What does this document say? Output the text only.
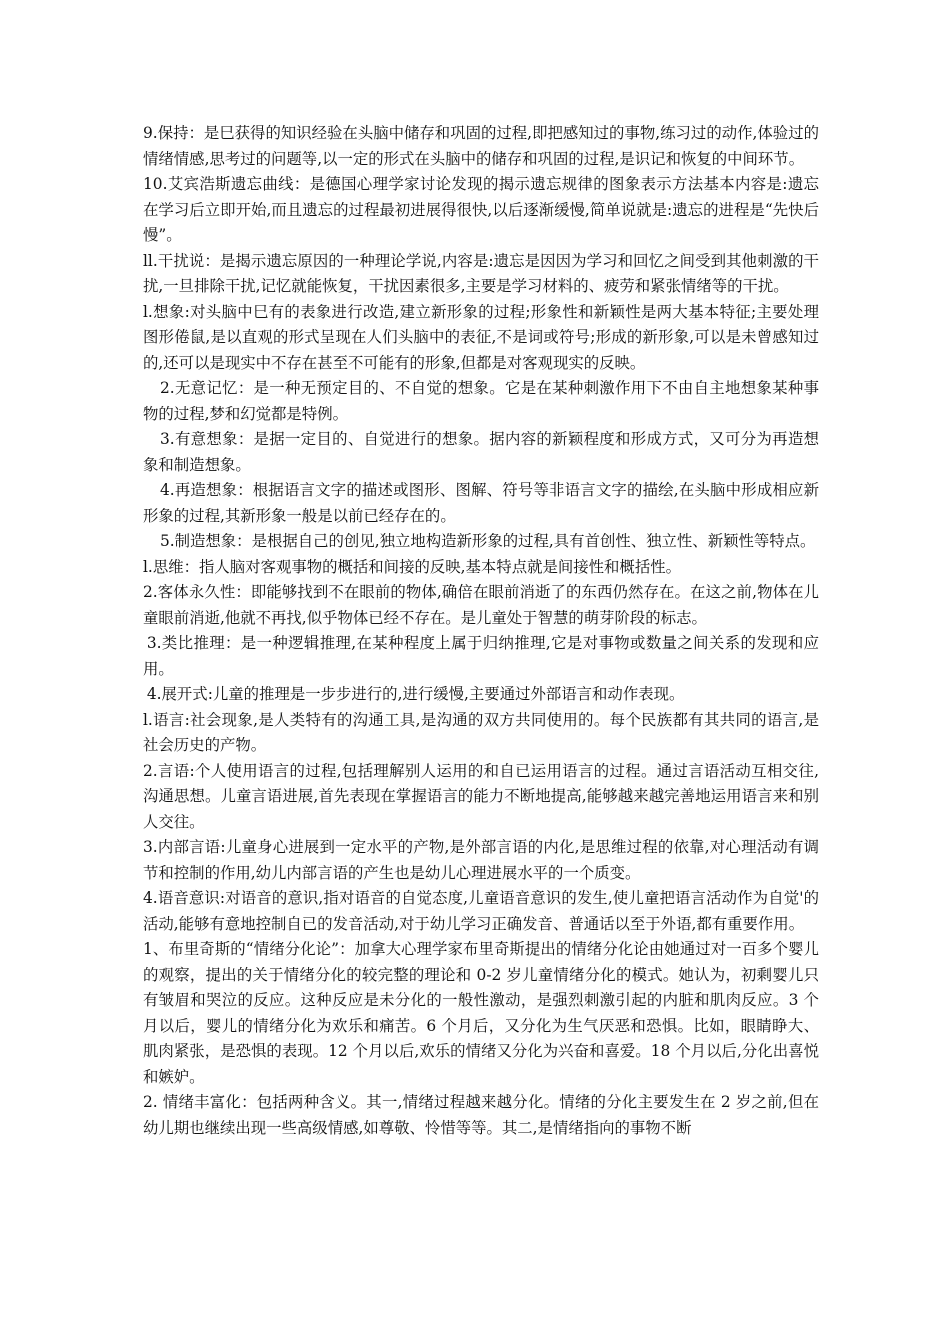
9.保持：是巳获得的知识经验在头脑中储存和巩固的过程,即把感知过的事物,练习过的动作,体验过的情绪情感,思考过的问题等,以一定的形式在头脑中的储存和巩固的过程,是识记和恢复的中间环节。

10.艾宾浩斯遗忘曲线：是德国心理学家讨论发现的揭示遗忘规律的图象表示方法基本内容是:遗忘在学习后立即开始,而且遗忘的过程最初进展得很快,以后逐渐缓慢,简单说就是:遗忘的进程是“先快后慢”。

ll.干扰说：是揭示遗忘原因的一种理论学说,内容是:遗忘是因因为学习和回忆之间受到其他刺激的干扰,一旦排除干扰,记忆就能恢复，干扰因素很多,主要是学习材料的、疲劳和紧张情绪等的干扰。

l.想象:对头脑中巳有的表象进行改造,建立新形象的过程;形象性和新颖性是两大基本特征;主要处理图形倦鼠,是以直观的形式呈现在人们头脑中的表征,不是词或符号;形成的新形象,可以是未曾感知过的,还可以是现实中不存在甚至不可能有的形象,但都是对客观现实的反映。

2.无意记忆：是一种无预定目的、不自觉的想象。它是在某种刺激作用下不由自主地想象某种事物的过程,梦和幻觉都是特例。

3.有意想象：是据一定目的、自觉进行的想象。据内容的新颖程度和形成方式，又可分为再造想象和制造想象。

4.再造想象：根据语言文字的描述或图形、图解、符号等非语言文字的描绘,在头脑中形成相应新形象的过程,其新形象一般是以前已经存在的。

5.制造想象：是根据自己的创见,独立地构造新形象的过程,具有首创性、独立性、新颖性等特点。

l.思维：指人脑对客观事物的概括和间接的反映,基本特点就是间接性和概括性。

2.客体永久性：即能够找到不在眼前的物体,确倍在眼前消逝了的东西仍然存在。在这之前,物体在儿童眼前消逝,他就不再找,似乎物体已经不存在。是儿童处于智慧的萌芽阶段的标志。

3.类比推理：是一种逻辑推理,在某种程度上属于归纳推理,它是对事物或数量之间关系的发现和应用。

4.展开式:儿童的推理是一步步进行的,进行缓慢,主要通过外部语言和动作表现。

l.语言:社会现象,是人类特有的沟通工具,是沟通的双方共同使用的。每个民族都有其共同的语言,是社会历史的产物。

2.言语:个人使用语言的过程,包括理解别人运用的和自已运用语言的过程。通过言语活动互相交往,沟通思想。儿童言语进展,首先表现在掌握语言的能力不断地提高,能够越来越完善地运用语言来和别人交往。

3.内部言语:儿童身心进展到一定水平的产物,是外部言语的内化,是思维过程的依靠,对心理活动有调节和控制的作用,幼儿内部言语的产生也是幼儿心理进展水平的一个质变。

4.语音意识:对语音的意识,指对语音的自觉态度,儿童语音意识的发生,使儿童把语言活动作为自觉'的活动,能够有意地控制自已的发音活动,对于幼儿学习正确发音、普通话以至于外语,都有重要作用。

1、布里奇斯的“情绪分化论”：加拿大心理学家布里奇斯提出的情绪分化论由她通过对一百多个婴儿的观察，提出的关于情绪分化的较完整的理论和 0-2 岁儿童情绪分化的模式。她认为，初剩婴儿只有皱眉和哭泣的反应。这种反应是未分化的一般性激动，是强烈刺激引起的内脏和肌肉反应。3 个月以后，婴儿的情绪分化为欢乐和痛苦。6 个月后，又分化为生气厌恶和恐惧。比如，眼睛睁大、肌肉紧张，是恐惧的表现。12 个月以后,欢乐的情绪又分化为兴奋和喜爱。18 个月以后,分化出喜悦和嫉妒。

2. 情绪丰富化：包括两种含义。其一,情绪过程越来越分化。情绪的分化主要发生在 2 岁之前,但在幼儿期也继续出现一些高级情感,如尊敬、怜惜等等。其二,是情绪指向的事物不断
